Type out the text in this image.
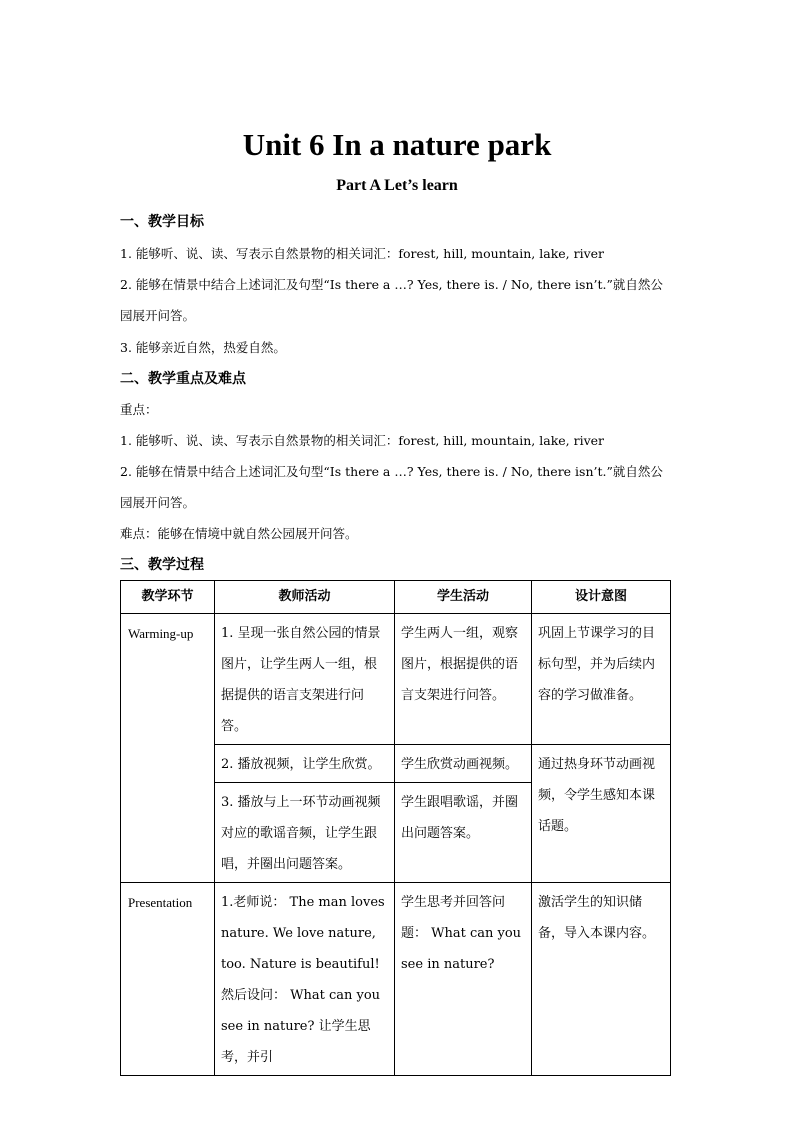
Unit 6 In a nature park
Part A Let’s learn
一、教学目标
1. 能够听、说、读、写表示自然景物的相关词汇：forest, hill, mountain, lake, river
2. 能够在情景中结合上述词汇及句型“Is there a …? Yes, there is. / No, there isn’t.”就自然公
园展开问答。
3. 能够亲近自然，热爱自然。
二、教学重点及难点
重点：
1. 能够听、说、读、写表示自然景物的相关词汇：forest, hill, mountain, lake, river
2. 能够在情景中结合上述词汇及句型“Is there a …? Yes, there is. / No, there isn’t.”就自然公
园展开问答。
难点：能够在情境中就自然公园展开问答。
三、教学过程
教学环节	教师活动	学生活动	设计意图
Warming-up	1. 呈现一张自然公园的情景图片，让学生两人一组，根据提供的语言支架进行问答。	学生两人一组，观察图片，根据提供的语言支架进行问答。	巩固上节课学习的目标句型，并为后续内容的学习做准备。
	2. 播放视频，让学生欣赏。	学生欣赏动画视频。	通过热身环节动画视频，令学生感知本课话题。
	3. 播放与上一环节动画视频对应的歌谣音频，让学生跟唱，并圈出问题答案。	学生跟唱歌谣，并圈出问题答案。	
Presentation	1.老师说： The man loves nature. We love nature, too. Nature is beautiful! 然后设问： What can you see in nature? 让学生思考，并引	学生思考并回答问题： What can you see in nature?	激活学生的知识储备，导入本课内容。
